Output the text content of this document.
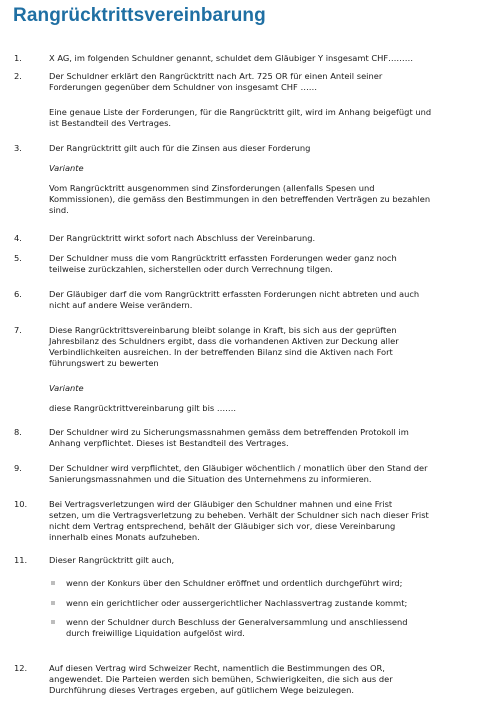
Rangrücktrittsvereinbarung
1.	X AG, im folgenden Schuldner genannt, schuldet dem Gläubiger Y insgesamt CHF………
2.	Der Schuldner erklärt den Rangrücktritt nach Art. 725 OR für einen Anteil seiner
Forderungen gegenüber dem Schuldner von insgesamt CHF ……
Eine genaue Liste der Forderungen, für die Rangrücktritt gilt, wird im Anhang beigefügt und
ist Bestandteil des Vertrages.
3.	Der Rangrücktritt gilt auch für die Zinsen aus dieser Forderung
Variante
Vom Rangrücktritt ausgenommen sind Zinsforderungen (allenfalls Spesen und
Kommissionen), die gemäss den Bestimmungen in den betreffenden Verträgen zu bezahlen
sind.
4.	Der Rangrücktritt wirkt sofort nach Abschluss der Vereinbarung.
5.	Der Schuldner muss die vom Rangrücktritt erfassten Forderungen weder ganz noch
teilweise zurückzahlen, sicherstellen oder durch Verrechnung tilgen.
6.	Der Gläubiger darf die vom Rangrücktritt erfassten Forderungen nicht abtreten und auch
nicht auf andere Weise verändern.
7.	Diese Rangrücktrittsvereinbarung bleibt solange in Kraft, bis sich aus der geprüften
Jahresbilanz des Schuldners ergibt, dass die vorhandenen Aktiven zur Deckung aller
Verbindlichkeiten ausreichen. In der betreffenden Bilanz sind die Aktiven nach Fort
führungswert zu bewerten
Variante
diese Rangrücktrittvereinbarung gilt bis …….
8.	Der Schuldner wird zu Sicherungsmassnahmen gemäss dem betreffenden Protokoll im
Anhang verpflichtet. Dieses ist Bestandteil des Vertrages.
9.	Der Schuldner wird verpflichtet, den Gläubiger wöchentlich / monatlich über den Stand der
Sanierungsmassnahmen und die Situation des Unternehmens zu informieren.
10.	Bei Vertragsverletzungen wird der Gläubiger den Schuldner mahnen und eine Frist
setzen, um die Vertragsverletzung zu beheben. Verhält der Schuldner sich nach dieser Frist
nicht dem Vertrag entsprechend, behält der Gläubiger sich vor, diese Vereinbarung
innerhalb eines Monats aufzuheben.
11.	Dieser Rangrücktritt gilt auch,
12.	Auf diesen Vertrag wird Schweizer Recht, namentlich die Bestimmungen des OR,
angewendet. Die Parteien werden sich bemühen, Schwierigkeiten, die sich aus der
Durchführung dieses Vertrages ergeben, auf gütlichem Wege beizulegen.
wenn der Konkurs über den Schuldner eröffnet und ordentlich durchgeführt wird;
wenn ein gerichtlicher oder aussergerichtlicher Nachlassvertrag zustande kommt;
wenn der Schuldner durch Beschluss der Generalversammlung und anschliessend
durch freiwillige Liquidation aufgelöst wird.
